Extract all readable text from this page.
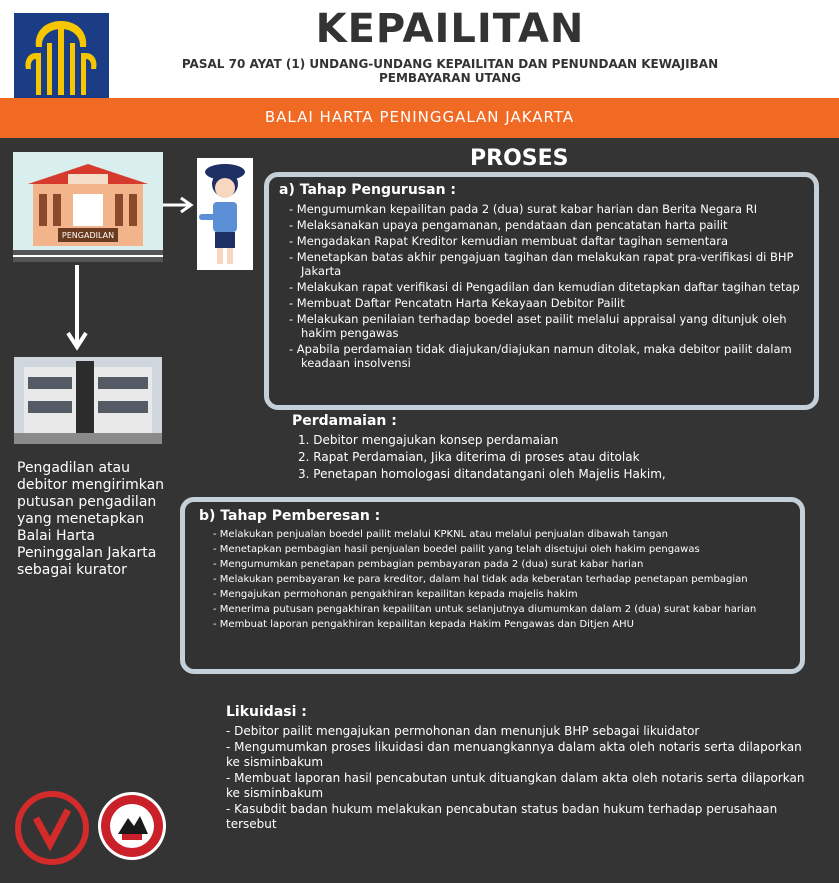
KEPAILITAN
PASAL 70 AYAT (1) UNDANG-UNDANG KEPAILITAN DAN PENUNDAAN KEWAJIBAN PEMBAYARAN UTANG
BALAI HARTA PENINGGALAN JAKARTA
PENGADILAN
Pengadilan atau debitor mengirimkan putusan pengadilan yang menetapkan Balai Harta Peninggalan Jakarta sebagai kurator
PROSES
a) Tahap Pengurusan :
- Mengumumkan kepailitan pada 2 (dua) surat kabar harian dan Berita Negara RI
- Melaksanakan upaya pengamanan, pendataan dan pencatatan harta pailit
- Mengadakan Rapat Kreditor kemudian membuat daftar tagihan sementara
- Menetapkan batas akhir pengajuan tagihan dan melakukan rapat pra-verifikasi di BHP Jakarta
- Melakukan rapat verifikasi di Pengadilan dan kemudian ditetapkan daftar tagihan tetap
- Membuat Daftar Pencatatn Harta Kekayaan Debitor Pailit
- Melakukan penilaian terhadap boedel aset pailit melalui appraisal yang ditunjuk oleh hakim pengawas
- Apabila perdamaian tidak diajukan/diajukan namun ditolak, maka debitor pailit dalam keadaan insolvensi
Perdamaian :
1. Debitor mengajukan konsep perdamaian
2. Rapat Perdamaian, Jika diterima di proses atau ditolak
3. Penetapan homologasi ditandatangani oleh Majelis Hakim,
b) Tahap Pemberesan :
- Melakukan penjualan boedel pailit melalui KPKNL atau melalui penjualan dibawah tangan
- Menetapkan pembagian hasil penjualan boedel pailit yang telah disetujui oleh hakim pengawas
- Mengumumkan penetapan pembagian pembayaran pada 2 (dua) surat kabar harian
- Melakukan pembayaran ke para kreditor, dalam hal tidak ada keberatan terhadap penetapan pembagian
- Mengajukan permohonan pengakhiran kepailitan kepada majelis hakim
- Menerima putusan pengakhiran kepailitan untuk selanjutnya diumumkan dalam 2 (dua) surat kabar harian
- Membuat laporan pengakhiran kepailitan kepada Hakim Pengawas dan Ditjen AHU
Likuidasi :
- Debitor pailit mengajukan permohonan dan menunjuk BHP sebagai likuidator
- Mengumumkan proses likuidasi dan menuangkannya dalam akta oleh notaris serta dilaporkan ke sisminbakum
- Membuat laporan hasil pencabutan untuk dituangkan dalam akta oleh notaris serta dilaporkan ke sisminbakum
- Kasubdit badan hukum melakukan pencabutan status badan hukum terhadap perusahaan tersebut
